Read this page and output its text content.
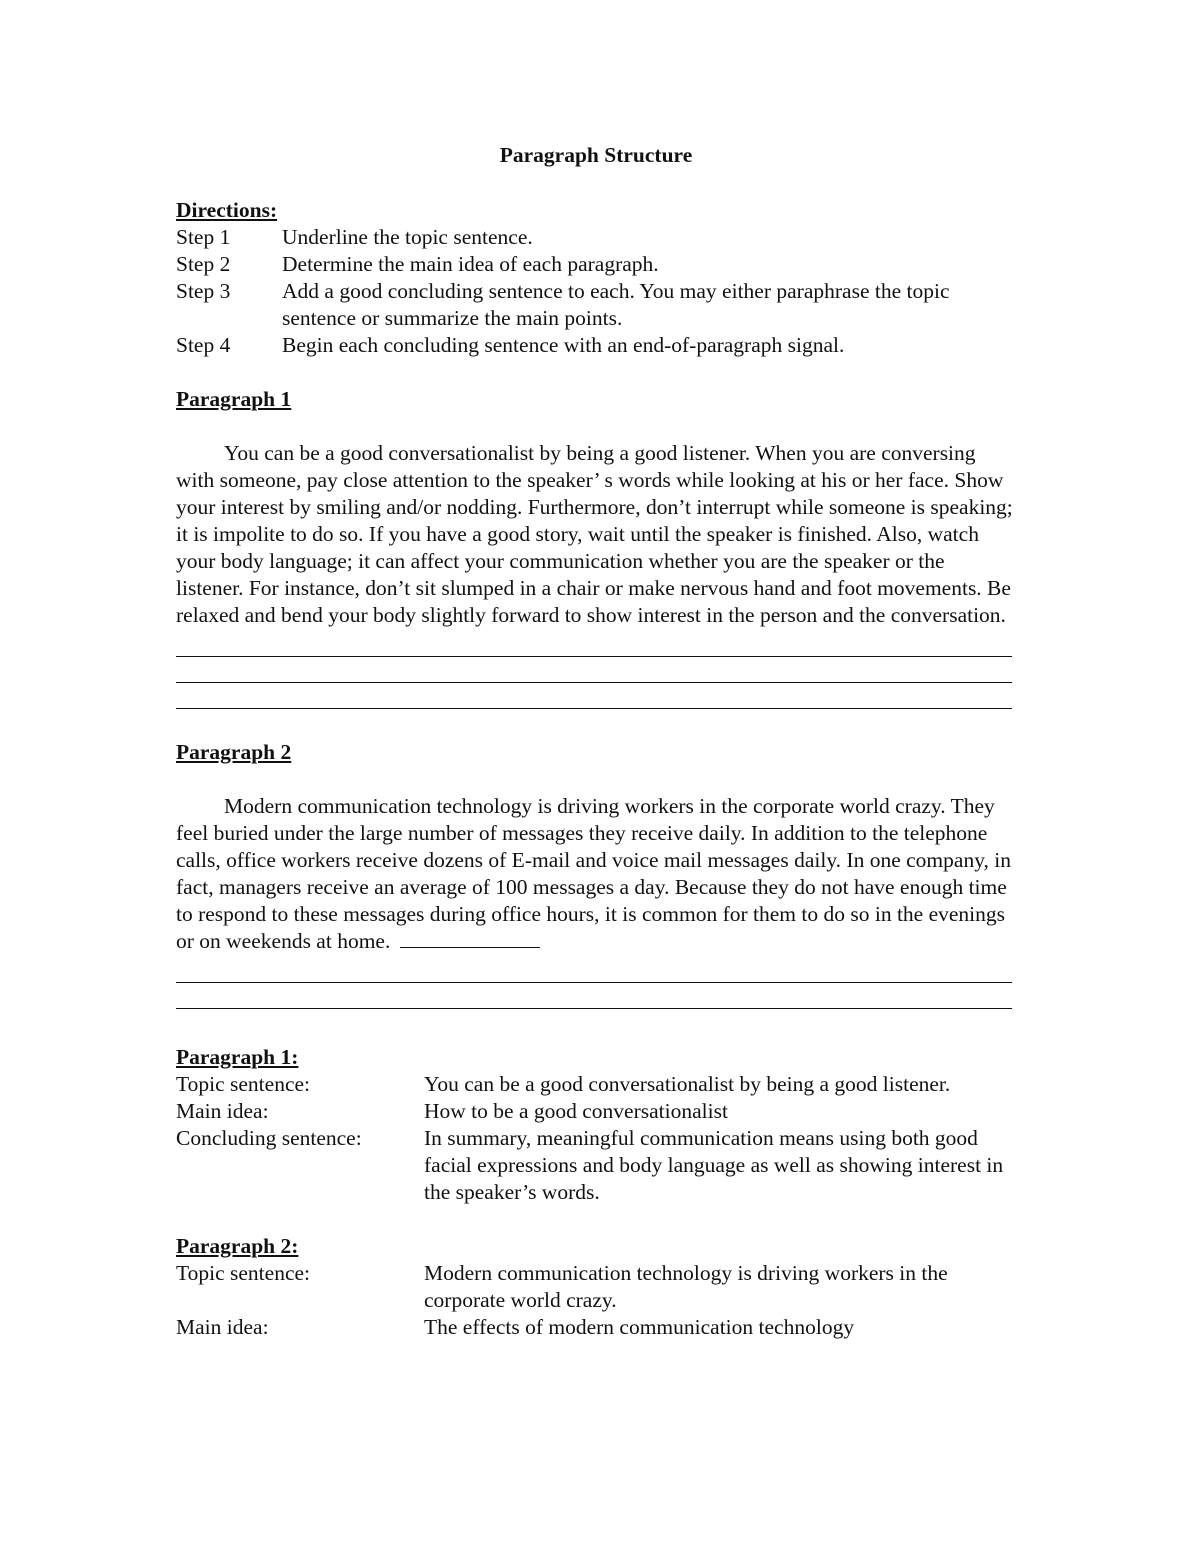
Paragraph Structure
Directions:
Step 1	Underline the topic sentence.
Step 2	Determine the main idea of each paragraph.
Step 3	Add a good concluding sentence to each. You may either paraphrase the topic sentence or summarize the main points.
Step 4	Begin each concluding sentence with an end-of-paragraph signal.
Paragraph 1

You can be a good conversationalist by being a good listener. When you are conversing with someone, pay close attention to the speaker’ s words while looking at his or her face. Show your interest by smiling and/or nodding. Furthermore, don’t interrupt while someone is speaking; it is impolite to do so. If you have a good story, wait until the speaker is finished. Also, watch your body language; it can affect your communication whether you are the speaker or the listener. For instance, don’t sit slumped in a chair or make nervous hand and foot movements. Be relaxed and bend your body slightly forward to show interest in the person and the conversation.

Paragraph 2

Modern communication technology is driving workers in the corporate world crazy. They feel buried under the large number of messages they receive daily. In addition to the telephone calls, office workers receive dozens of E-mail and voice mail messages daily. In one company, in fact, managers receive an average of 100 messages a day. Because they do not have enough time to respond to these messages during office hours, it is common for them to do so in the evenings or on weekends at home.

Paragraph 1:
Topic sentence:	You can be a good conversationalist by being a good listener.
Main idea:	How to be a good conversationalist
Concluding sentence:	In summary, meaningful communication means using both good facial expressions and body language as well as showing interest in the speaker’s words.
Paragraph 2:
Topic sentence:	Modern communication technology is driving workers in the corporate world crazy.
Main idea:	The effects of modern communication technology
